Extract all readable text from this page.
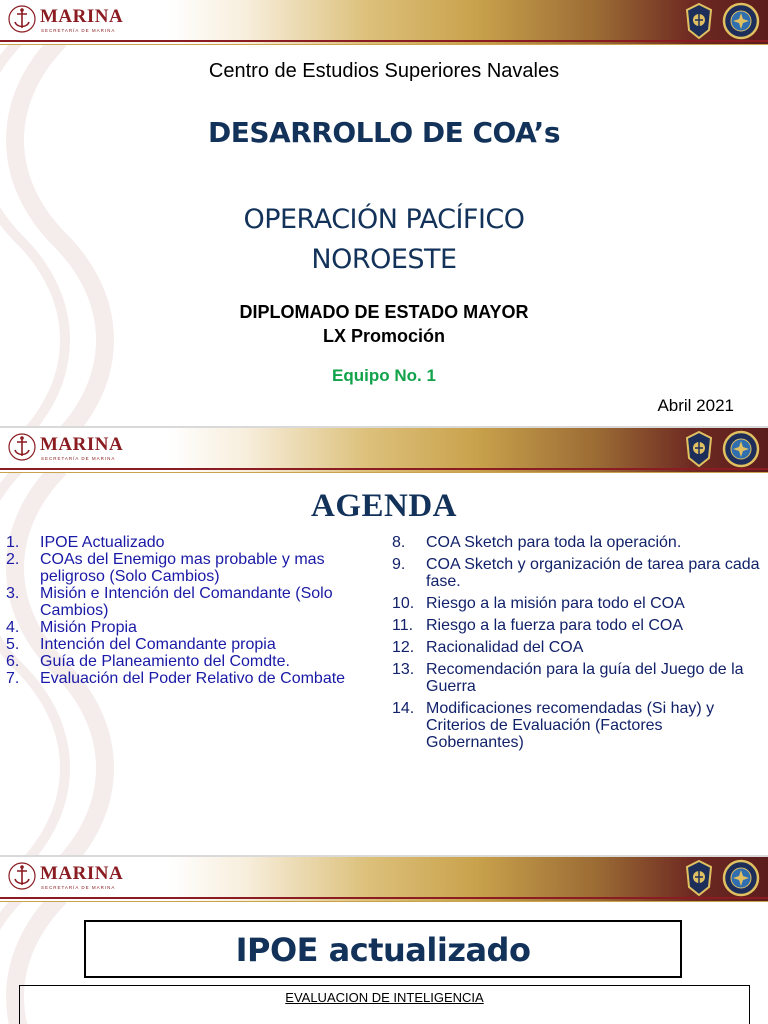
MARINA
SECRETARÍA DE MARINA
Centro de Estudios Superiores Navales
DESARROLLO DE COA’s
OPERACIÓN PACÍFICO
NOROESTE
DIPLOMADO DE ESTADO MAYOR
LX Promoción
Equipo No. 1
Abril 2021
MARINA
SECRETARÍA DE MARINA
AGENDA
1. IPOE Actualizado
2. COAs del Enemigo mas probable y mas peligroso (Solo Cambios)
3. Misión e Intención del Comandante (Solo Cambios)
4. Misión Propia
5. Intención del Comandante propia
6. Guía de Planeamiento del Comdte.
7. Evaluación del Poder Relativo de Combate
8. COA Sketch para toda la operación.
9. COA Sketch y organización de tarea para cada fase.
10. Riesgo a la misión para todo el COA
11. Riesgo a la fuerza para todo el COA
12. Racionalidad del COA
13. Recomendación para la guía del Juego de la Guerra
14. Modificaciones recomendadas (Si hay) y Criterios de Evaluación (Factores Gobernantes)
MARINA
SECRETARÍA DE MARINA
IPOE actualizado
EVALUACION DE INTELIGENCIA
